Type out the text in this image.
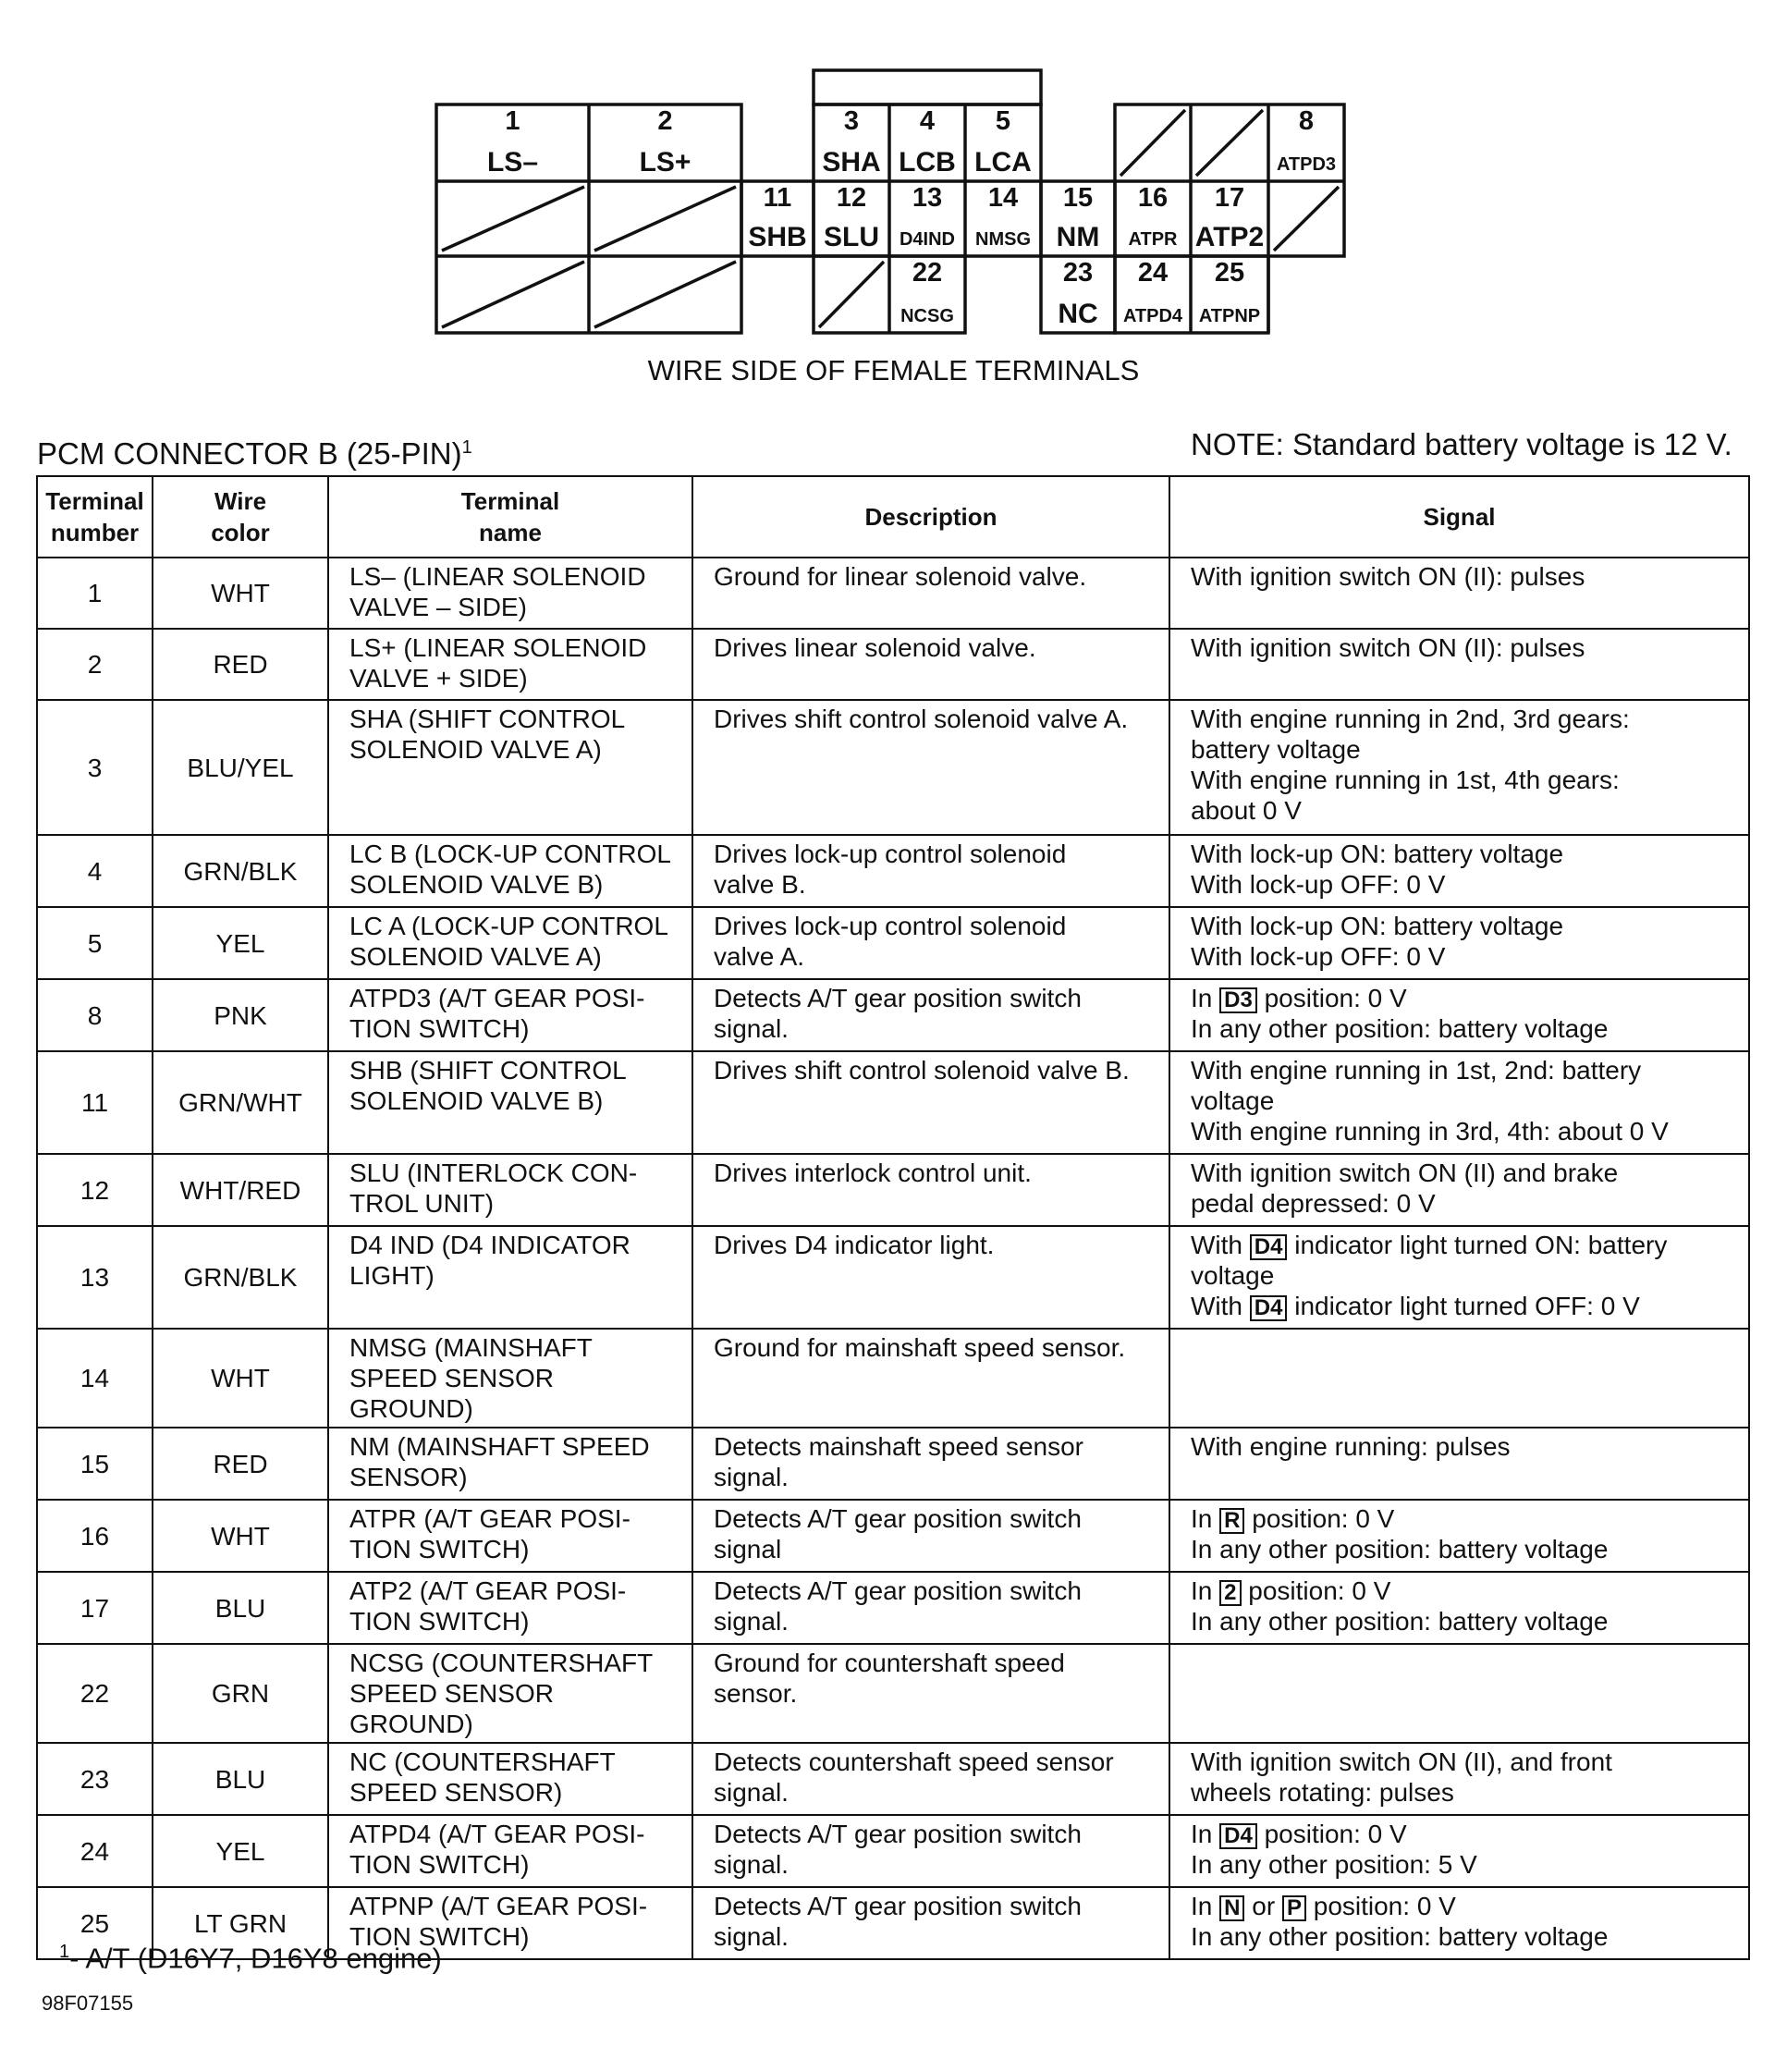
1
LS–
2
LS+
3
SHA
4
LCB
5
LCA
8
ATPD3
11
SHB
12
SLU
13
D4IND
14
NMSG
15
NM
16
ATPR
17
ATP2
22
NCSG
23
NC
24
ATPD4
25
ATPNP
WIRE SIDE OF FEMALE TERMINALS
PCM CONNECTOR B $(25-PIN)^1$	NOTE: Standard battery voltage is 12 V.
Terminal
number	Wire
color	Terminal
name	Description	Signal
1	WHT	LS– (LINEAR SOLENOID
VALVE – SIDE)	Ground for linear solenoid valve.	With ignition switch ON (II): pulses

2	RED	LS+ (LINEAR SOLENOID
VALVE + SIDE)	Drives linear solenoid valve.	With ignition switch ON (II): pulses

3	BLU/YEL	SHA (SHIFT CONTROL
SOLENOID VALVE A)	Drives shift control solenoid valve A.	With engine running in 2nd, 3rd gears:
battery voltage
With engine running in 1st, 4th gears:
about 0 V

4	GRN/BLK	LC B (LOCK-UP CONTROL
SOLENOID VALVE B)	Drives lock-up control solenoid
valve B.	With lock-up ON: battery voltage
With lock-up OFF: 0 V

5	YEL	LC A (LOCK-UP CONTROL
SOLENOID VALVE A)	Drives lock-up control solenoid
valve A.	With lock-up ON: battery voltage
With lock-up OFF: 0 V

8	PNK	ATPD3 (A/T GEAR POSI-
TION SWITCH)	Detects A/T gear position switch
signal.	In D3 position: 0 V
In any other position: battery voltage

11	GRN/WHT	SHB (SHIFT CONTROL
SOLENOID VALVE B)	Drives shift control solenoid valve B.	With engine running in 1st, 2nd: battery
voltage
With engine running in 3rd, 4th: about 0 V

12	WHT/RED	SLU (INTERLOCK CON-
TROL UNIT)	Drives interlock control unit.	With ignition switch ON (II) and brake
pedal depressed: 0 V

13	GRN/BLK	D4 IND (D4 INDICATOR
LIGHT)	Drives D4 indicator light.	With D4 indicator light turned ON: battery
voltage
With D4 indicator light turned OFF: 0 V

14	WHT	NMSG (MAINSHAFT
SPEED SENSOR GROUND)	Ground for mainshaft speed sensor.	

15	RED	NM (MAINSHAFT SPEED
SENSOR)	Detects mainshaft speed sensor
signal.	With engine running: pulses

16	WHT	ATPR (A/T GEAR POSI-
TION SWITCH)	Detects A/T gear position switch
signal	In R position: 0 V
In any other position: battery voltage

17	BLU	ATP2 (A/T GEAR POSI-
TION SWITCH)	Detects A/T gear position switch
signal.	In 2 position: 0 V
In any other position: battery voltage

22	GRN	NCSG (COUNTERSHAFT
SPEED SENSOR GROUND)	Ground for countershaft speed
sensor.	

23	BLU	NC (COUNTERSHAFT
SPEED SENSOR)	Detects countershaft speed sensor
signal.	With ignition switch ON (II), and front
wheels rotating: pulses

24	YEL	ATPD4 (A/T GEAR POSI-
TION SWITCH)	Detects A/T gear position switch
signal.	In D4 position: 0 V
In any other position: 5 V

25	LT GRN	ATPNP (A/T GEAR POSI-
TION SWITCH)	Detects A/T gear position switch
signal.	In N or P position: 0 V
In any other position: battery voltage
$^1$- A/T (D16Y7, D16Y8 engine)
98F07155
